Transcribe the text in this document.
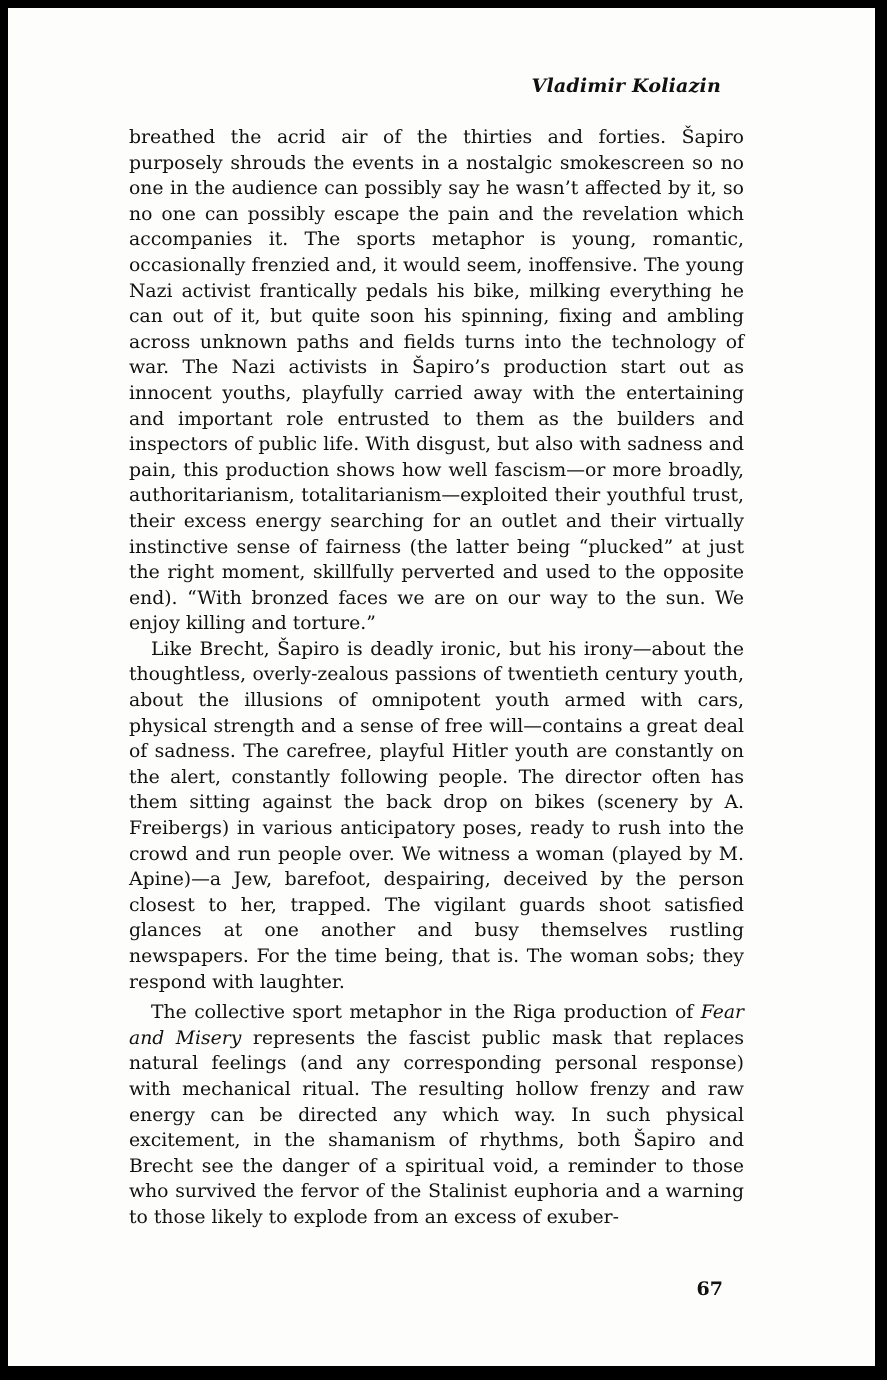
Vladimir Koliazin

breathed the acrid air of the thirties and forties. Šapiro purposely shrouds the events in a nostalgic smokescreen so no one in the audience can possibly say he wasn’t affected by it, so no one can possibly escape the pain and the revelation which accompanies it. The sports metaphor is young, romantic, occasionally frenzied and, it would seem, inoffensive. The young Nazi activist frantically pedals his bike, milking everything he can out of it, but quite soon his spinning, fixing and ambling across unknown paths and fields turns into the technology of war. The Nazi activists in Šapiro’s production start out as innocent youths, playfully carried away with the entertaining and important role entrusted to them as the builders and inspectors of public life. With disgust, but also with sadness and pain, this production shows how well fascism—or more broadly, authoritarianism, totalitarianism—exploited their youthful trust, their excess energy searching for an outlet and their virtually instinctive sense of fairness (the latter being “plucked” at just the right moment, skillfully perverted and used to the opposite end). “With bronzed faces we are on our way to the sun. We enjoy killing and torture.”

Like Brecht, Šapiro is deadly ironic, but his irony—about the thoughtless, overly-zealous passions of twentieth century youth, about the illusions of omnipotent youth armed with cars, physical strength and a sense of free will—contains a great deal of sadness. The carefree, playful Hitler youth are constantly on the alert, constantly following people. The director often has them sitting against the back drop on bikes (scenery by A. Freibergs) in various anticipatory poses, ready to rush into the crowd and run people over. We witness a woman (played by M. Apine)—a Jew, barefoot, despairing, deceived by the person closest to her, trapped. The vigilant guards shoot satisfied glances at one another and busy themselves rustling newspapers. For the time being, that is. The woman sobs; they respond with laughter.

The collective sport metaphor in the Riga production of Fear and Misery represents the fascist public mask that replaces natural feelings (and any corresponding personal response) with mechanical ritual. The resulting hollow frenzy and raw energy can be directed any which way. In such physical excitement, in the shamanism of rhythms, both Šapiro and Brecht see the danger of a spiritual void, a reminder to those who survived the fervor of the Stalinist euphoria and a warning to those likely to explode from an excess of exuber-

67
